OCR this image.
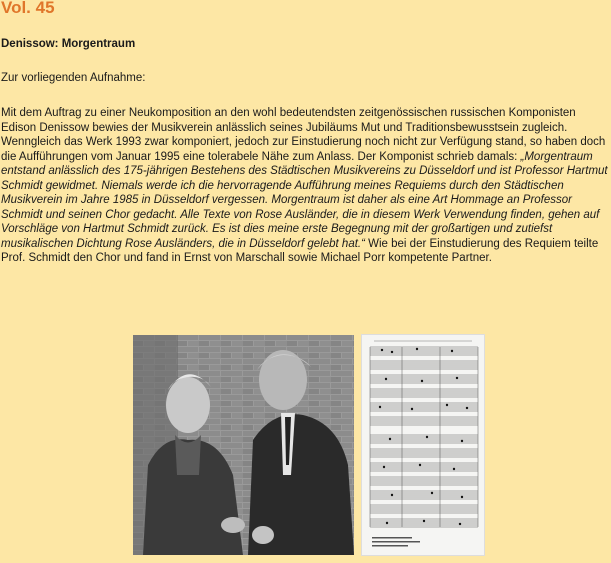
Vol. 45
Denissow: Morgentraum
Zur vorliegenden Aufnahme:
Mit dem Auftrag zu einer Neukomposition an den wohl bedeutendsten zeitgenössischen russischen Komponisten Edison Denissow bewies der Musikverein anlässlich seines Jubiläums Mut und Traditionsbewusstsein zugleich. Wenngleich das Werk 1993 zwar komponiert, jedoch zur Einstudierung noch nicht zur Verfügung stand, so haben doch die Aufführungen vom Januar 1995 eine tolerabele Nähe zum Anlass. Der Komponist schrieb damals: „Morgentraum entstand anlässlich des 175-jährigen Bestehens des Städtischen Musikvereins zu Düsseldorf und ist Professor Hartmut Schmidt gewidmet. Niemals werde ich die hervorragende Aufführung meines Requiems durch den Städtischen Musikverein im Jahre 1985 in Düsseldorf vergessen. Morgentraum ist daher als eine Art Hommage an Professor Schmidt und seinen Chor gedacht. Alle Texte von Rose Ausländer, die in diesem Werk Verwendung finden, gehen auf Vorschläge von Hartmut Schmidt zurück. Es ist dies meine erste Begegnung mit der großartigen und zutiefst musikalischen Dichtung Rose Ausländers, die in Düsseldorf gelebt hat.“ Wie bei der Einstudierung des Requiem teilte Prof. Schmidt den Chor und fand in Ernst von Marschall sowie Michael Porr kompetente Partner.
